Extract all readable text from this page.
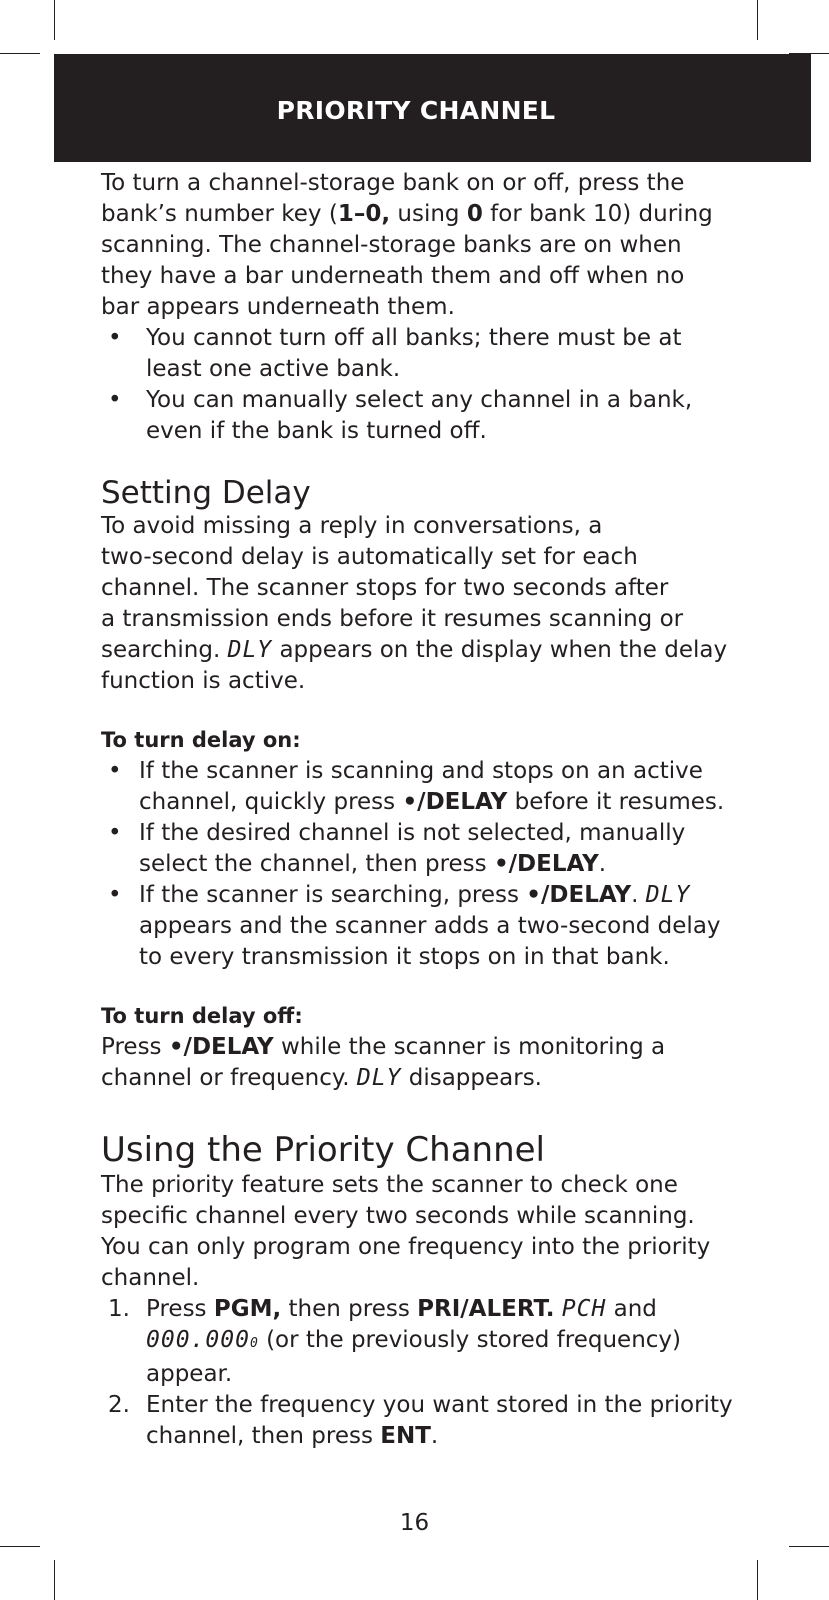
PRIORITY CHANNEL

To turn a channel-storage bank on or off, press the

bank’s number key (1–0, using 0 for bank 10) during

scanning. The channel-storage banks are on when

they have a bar underneath them and off when no

bar appears underneath them.

•	You cannot turn off all banks; there must be at
least one active bank.
•	You can manually select any channel in a bank,
even if the bank is turned off.
Setting Delay

To avoid missing a reply in conversations, a

two-second delay is automatically set for each

channel. The scanner stops for two seconds after

a transmission ends before it resumes scanning or

searching. DLY appears on the display when the delay

function is active.

To turn delay on:
• If the scanner is scanning and stops on an active
channel, quickly press •/DELAY before it resumes.
• If the desired channel is not selected, manually
select the channel, then press •/DELAY.
• If the scanner is searching, press •/DELAY. DLY
appears and the scanner adds a two-second delay
to every transmission it stops on in that bank.
To turn delay off:

Press •/DELAY while the scanner is monitoring a

channel or frequency. DLY disappears.

Using the Priority Channel

The priority feature sets the scanner to check one

specific channel every two seconds while scanning.

You can only program one frequency into the priority

channel.

1. Press PGM, then press PRI/ALERT. PCH and
000.0000 (or the previously stored frequency)
appear.
2. Enter the frequency you want stored in the priority
channel, then press ENT.
16
